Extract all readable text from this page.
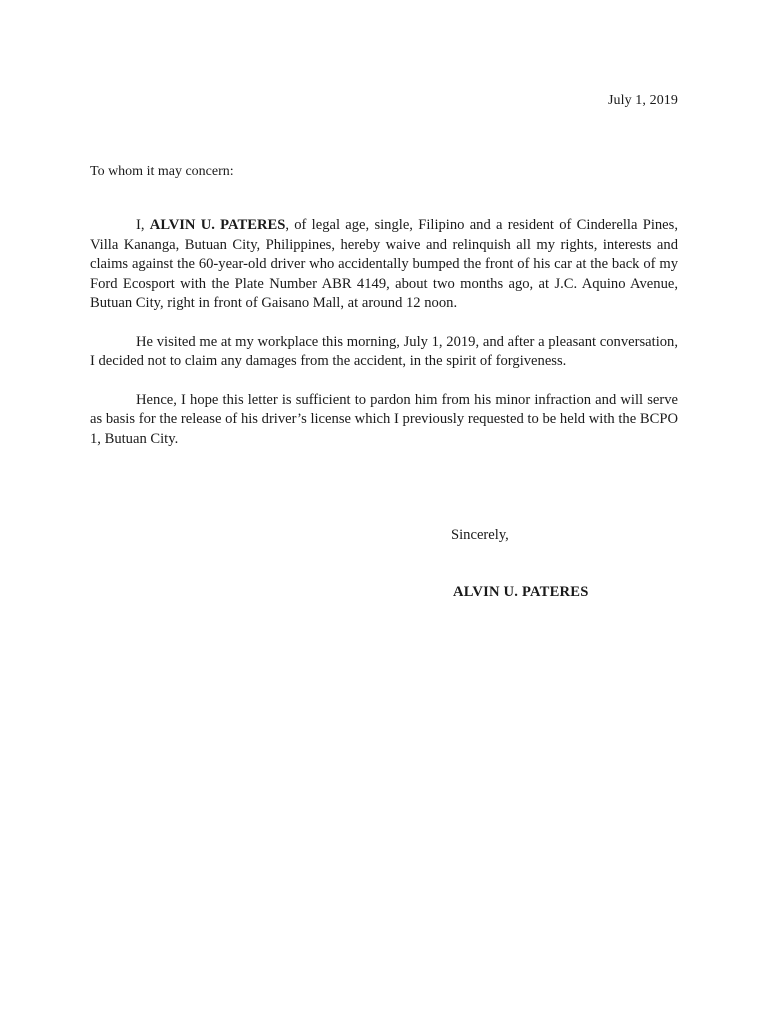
July 1, 2019
To whom it may concern:

I, ALVIN U. PATERES, of legal age, single, Filipino and a resident of Cinderella Pines, Villa Kananga, Butuan City, Philippines, hereby waive and relinquish all my rights, interests and claims against the 60-year-old driver who accidentally bumped the front of his car at the back of my Ford Ecosport with the Plate Number ABR 4149, about two months ago, at J.C. Aquino Avenue, Butuan City, right in front of Gaisano Mall, at around 12 noon.

He visited me at my workplace this morning, July 1, 2019, and after a pleasant conversation, I decided not to claim any damages from the accident, in the spirit of forgiveness.

Hence, I hope this letter is sufficient to pardon him from his minor infraction and will serve as basis for the release of his driver’s license which I previously requested to be held with the BCPO 1, Butuan City.

Sincerely,
ALVIN U. PATERES
